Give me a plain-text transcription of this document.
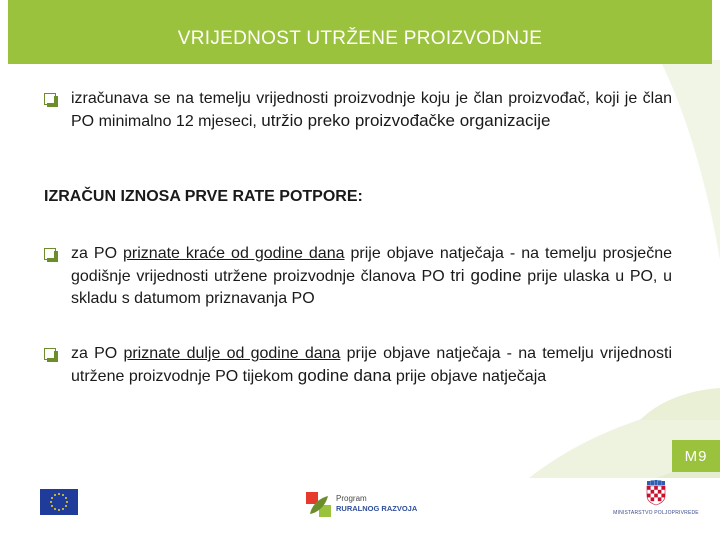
VRIJEDNOST UTRŽENE PROIZVODNJE
izračunava se na temelju vrijednosti proizvodnje koju je član proizvođač, koji je član PO minimalno 12 mjeseci, utržio preko proizvođačke organizacije
IZRAČUN IZNOSA PRVE RATE POTPORE:
za PO priznate kraće od godine dana prije objave natječaja - na temelju prosječne godišnje vrijednosti utržene proizvodnje članova PO tri godine prije ulaska u PO, u skladu s datumom priznavanja PO
za PO priznate dulje od godine dana prije objave natječaja - na temelju vrijednosti utržene proizvodnje PO tijekom godine dana prije objave natječaja
M9
Program
RURALNOG RAZVOJA	MINISTARSTVO POLJOPRIVREDE
